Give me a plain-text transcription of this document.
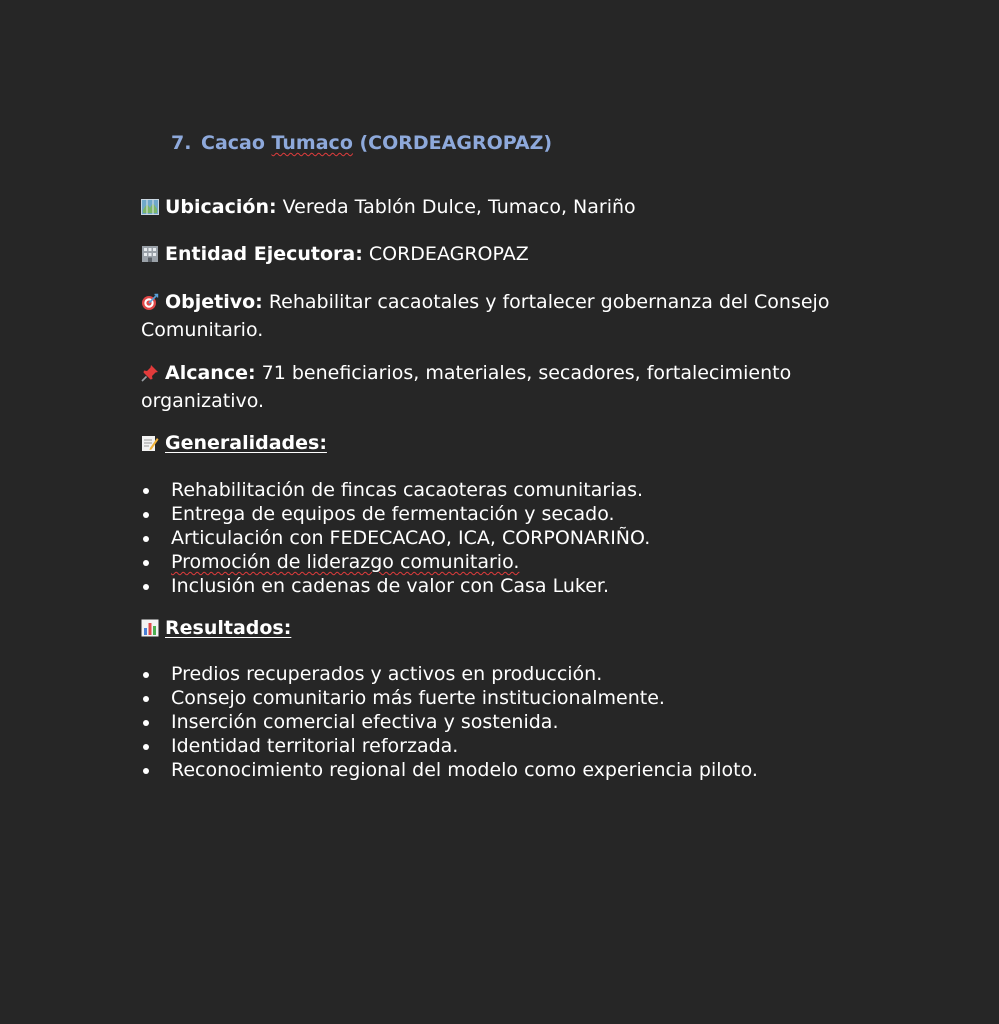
7. Cacao Tumaco (CORDEAGROPAZ)
Ubicación: Vereda Tablón Dulce, Tumaco, Nariño
Entidad Ejecutora: CORDEAGROPAZ
Objetivo: Rehabilitar cacaotales y fortalecer gobernanza del Consejo Comunitario.
Alcance: 71 beneficiarios, materiales, secadores, fortalecimiento organizativo.
Generalidades:
Rehabilitación de fincas cacaoteras comunitarias.
Entrega de equipos de fermentación y secado.
Articulación con FEDECACAO, ICA, CORPONARIÑO.
Promoción de liderazgo comunitario.
Inclusión en cadenas de valor con Casa Luker.
Resultados:
Predios recuperados y activos en producción.
Consejo comunitario más fuerte institucionalmente.
Inserción comercial efectiva y sostenida.
Identidad territorial reforzada.
Reconocimiento regional del modelo como experiencia piloto.
